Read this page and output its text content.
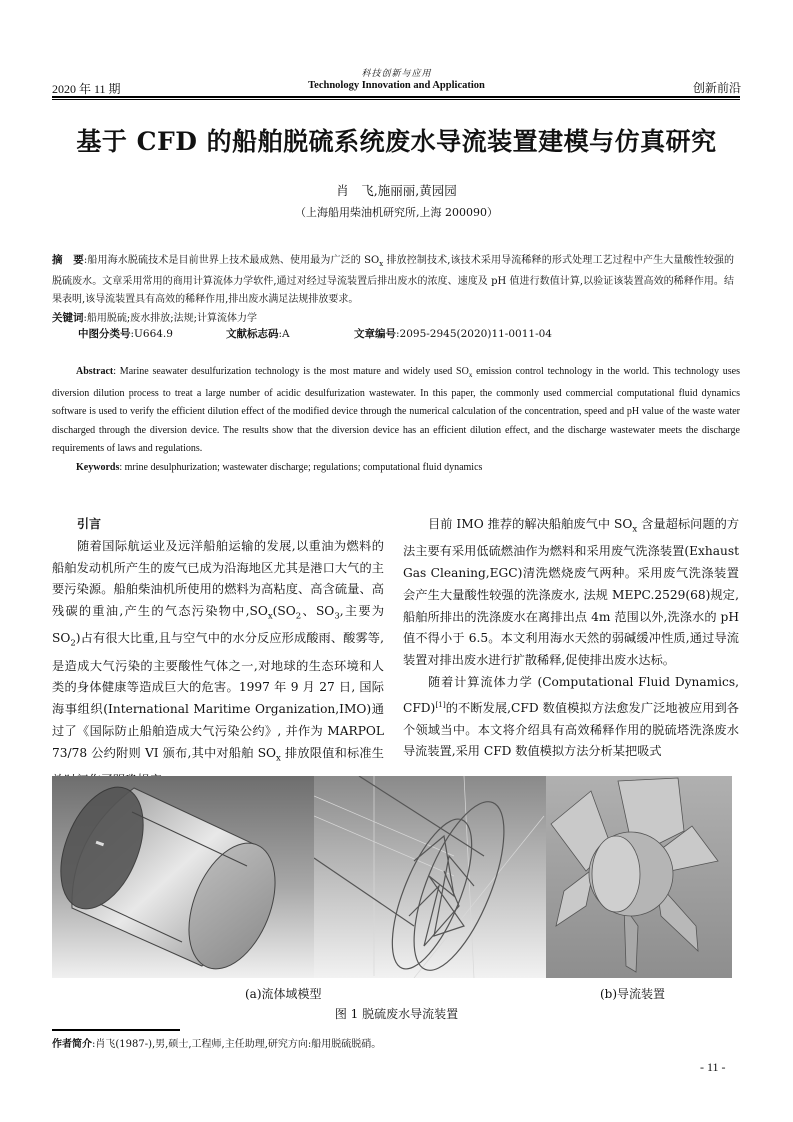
2020 年 11 期
科技创新与应用
Technology Innovation and Application	创新前沿
基于 CFD 的船舶脱硫系统废水导流装置建模与仿真研究
肖　飞,施丽丽,黄园园
（上海船用柴油机研究所,上海 200090）

摘　要:船用海水脱硫技术是目前世界上技术最成熟、使用最为广泛的 $SO_x$ 排放控制技术,该技术采用导流稀释的形式处理工艺过程中产生大量酸性较强的脱硫废水。文章采用常用的商用计算流体力学软件,通过对经过导流装置后排出废水的浓度、速度及 pH 值进行数值计算,以验证该装置高效的稀释作用。结果表明,该导流装置具有高效的稀释作用,排出废水满足法规排放要求。

关键词:船用脱硫;废水排放;法规;计算流体力学

中图分类号:U664.9	文献标志码:A	文章编号:2095-2945(2020)11-0011-04

Abstract: Marine seawater desulfurization technology is the most mature and widely used $SO_x$ emission control technology in the world. This technology uses diversion dilution process to treat a large number of acidic desulfurization wastewater. In this paper, the commonly used commercial computational fluid dynamics software is used to verify the efficient dilution effect of the modified device through the numerical calculation of the concentration, speed and pH value of the waste water discharged through the diversion device. The results show that the diversion device has an efficient dilution effect, and the discharge wastewater meets the discharge requirements of laws and regulations.

Keywords: mrine desulphurization; wastewater discharge; regulations; computational fluid dynamics

引言

随着国际航运业及远洋船舶运输的发展,以重油为燃料的船舶发动机所产生的废气已成为沿海地区尤其是港口大气的主要污染源。船舶柴油机所使用的燃料为高粘度、高含硫量、高残碳的重油,产生的气态污染物中$,SO_x(SO_2$、$SO_3$,主要为 $SO_2$)占有很大比重,且与空气中的水分反应形成酸雨、酸雾等,是造成大气污染的主要酸性气体之一,对地球的生态环境和人类的身体健康等造成巨大的危害。1997 年 9 月 27 日, 国际海事组织(International Maritime Organization,IMO)通过了《国际防止船舶造成大气污染公约》, 并作为 MARPOL 73/78 公约附则 VI 颁布,其中对船舶 $SO_x$ 排放限值和标准生

目前 IMO 推荐的解决船舶废气中 $SO_x$ 含量超标问题的方法主要有采用低硫燃油作为燃料和采用废气洗涤装置(Exhaust Gas Cleaning,EGC)清洗燃烧废气两种。采用废气洗涤装置会产生大量酸性较强的洗涤废水, 法规 MEPC.2529(68)规定,船舶所排出的洗涤废水在离排出点 4m 范围以外,洗涤水的 pH 值不得小于 6.5。本文利用海水天然的弱碱缓冲性质,通过导流装置对排出废水进行扩散稀释,促使排出废水达标。

随着计算流体力学 (Computational Fluid Dynamics, CFD)[1]的不断发展,CFD 数值模拟方法愈发广泛地被应用到各个领域当中。本文将介绍具有高效稀释作用的脱硫塔洗涤废水导流装置,采用 CFD 数值模拟方法分析某把吸式

(a)流体域模型	(b)导流装置
图 1 脱硫废水导流装置
作者简介:肖飞(1987-),男,硕士,工程师,主任助理,研究方向:船用脱硫脱硝。
- 11 -
